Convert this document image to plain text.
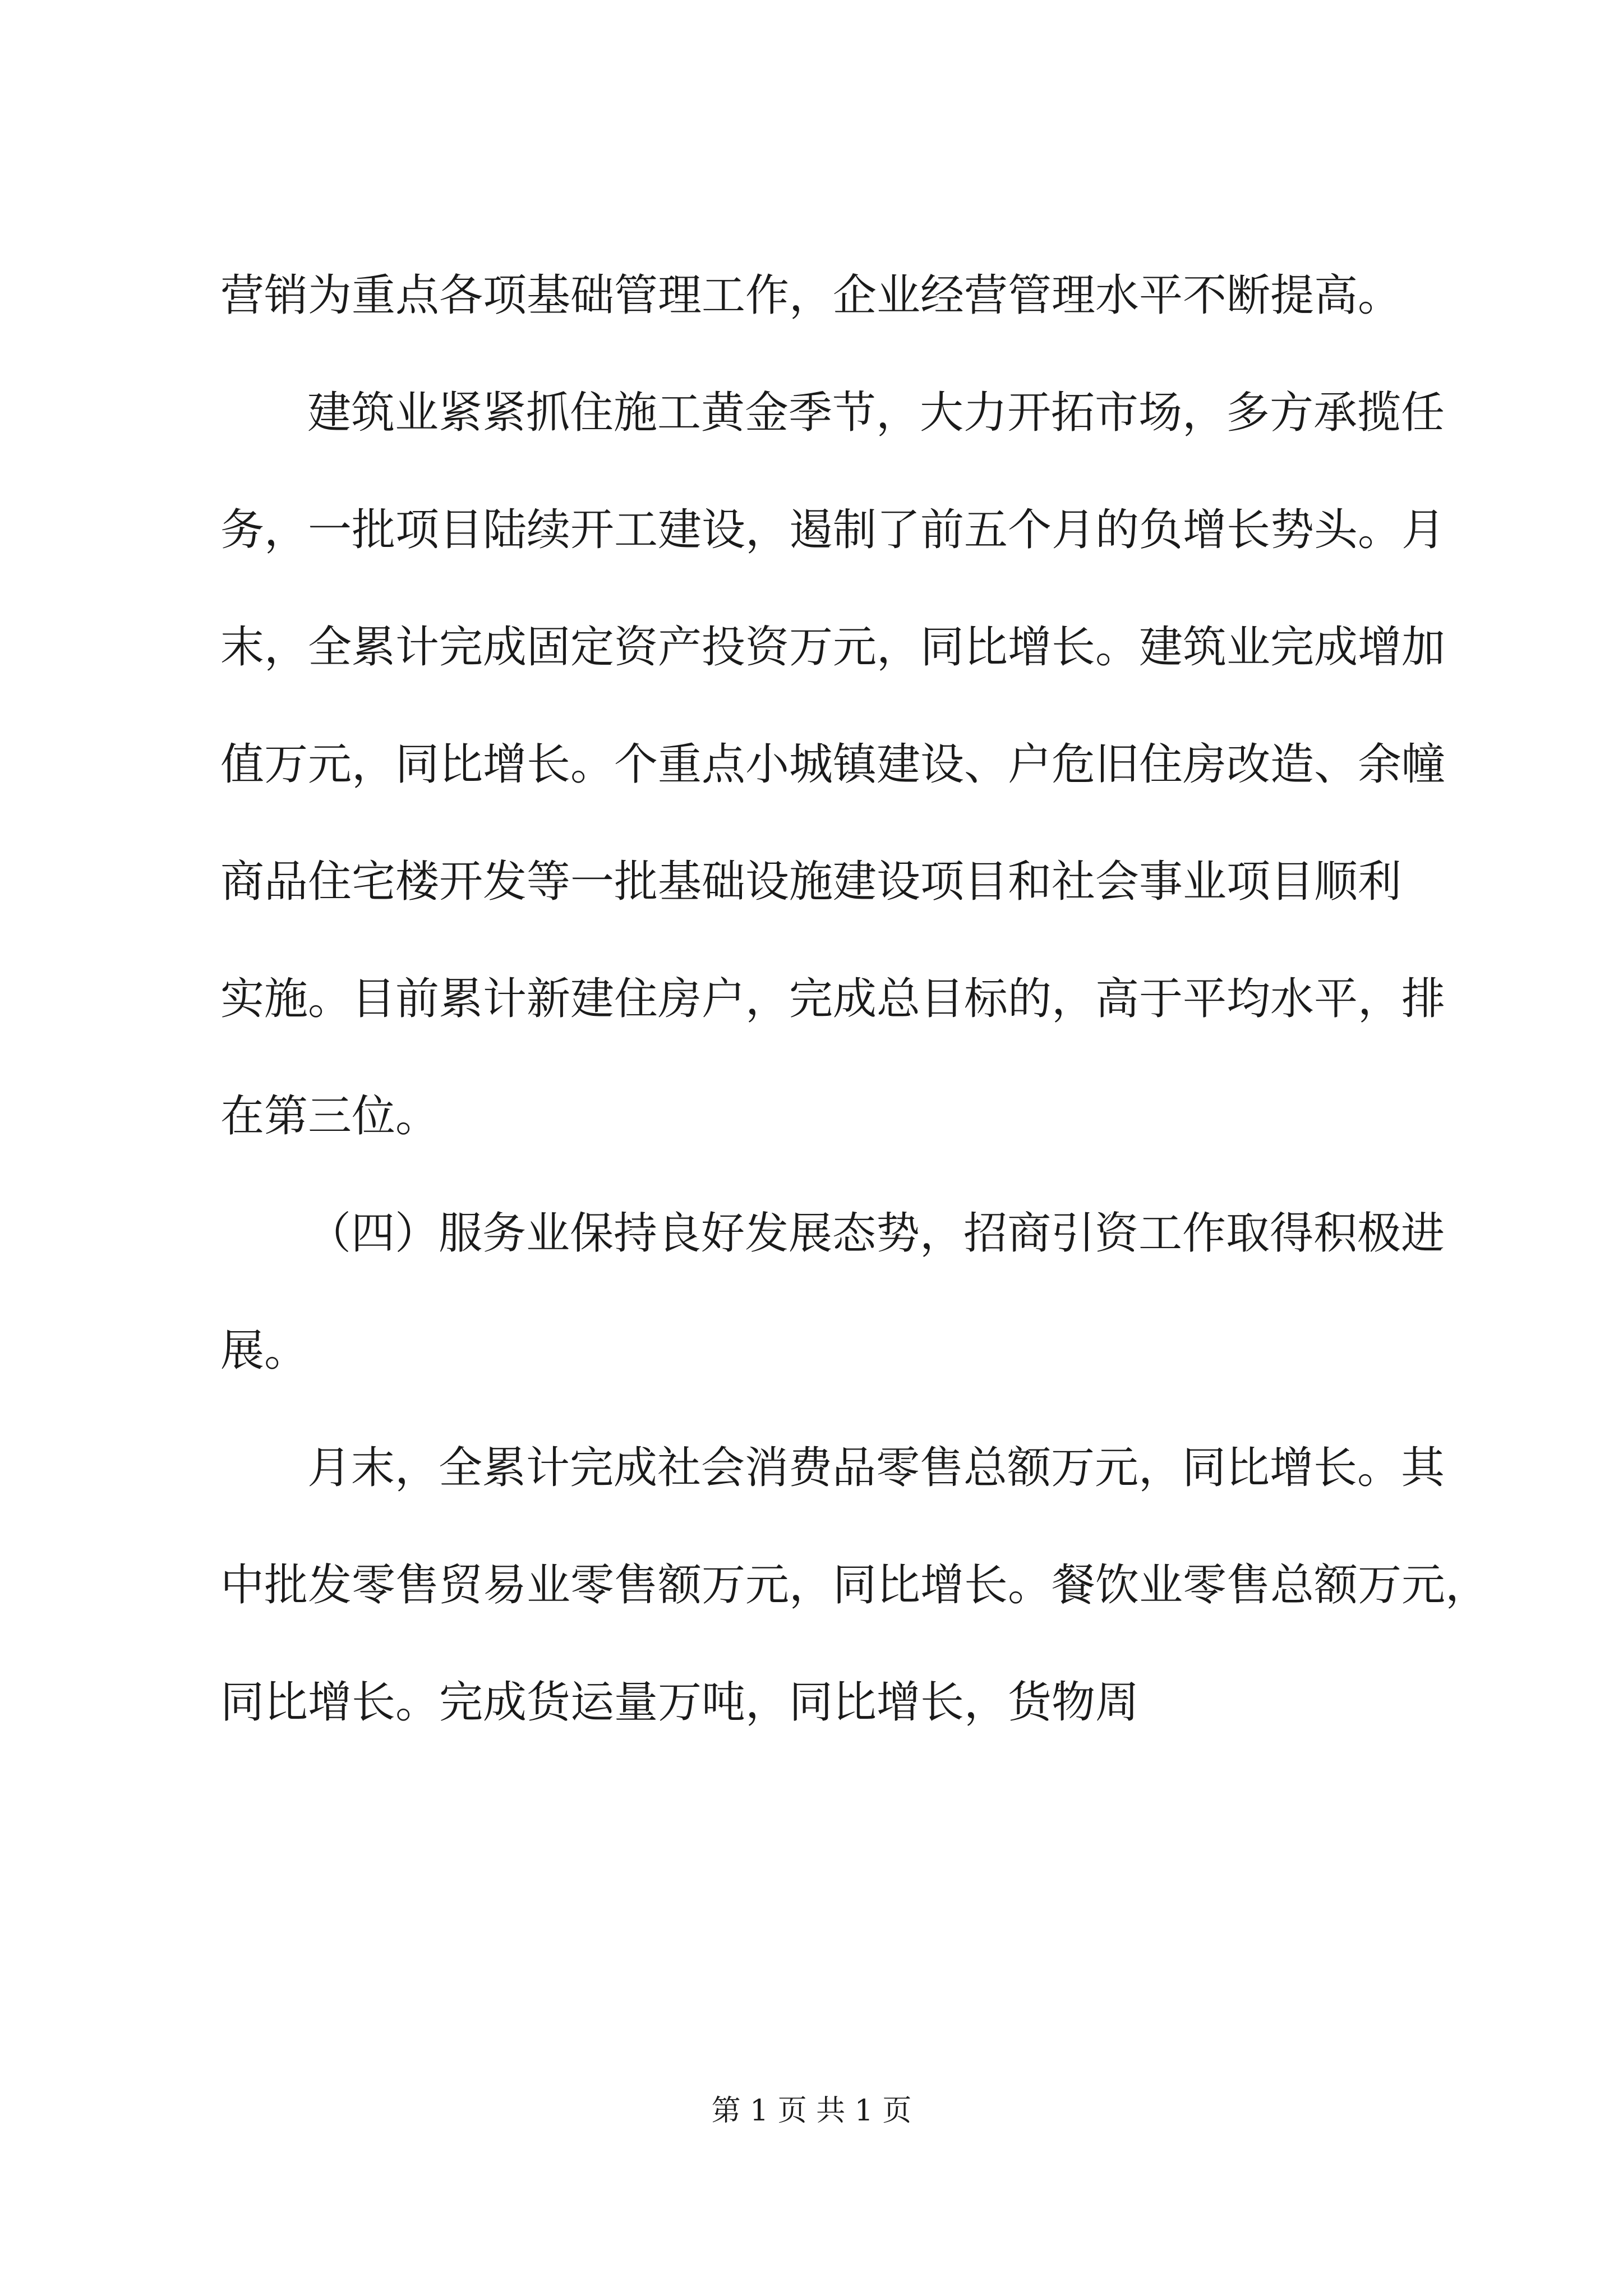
营销为重点各项基础管理工作，企业经营管理水平不断提高。
建筑业紧紧抓住施工黄金季节，大力开拓市场，多方承揽任
务，一批项目陆续开工建设，遏制了前五个月的负增长势头。月
末，全累计完成固定资产投资万元，同比增长。建筑业完成增加
值万元，同比增长。个重点小城镇建设、户危旧住房改造、余幢
商品住宅楼开发等一批基础设施建设项目和社会事业项目顺利
实施。目前累计新建住房户，完成总目标的，高于平均水平，排
在第三位。
（四）服务业保持良好发展态势，招商引资工作取得积极进
展。
月末，全累计完成社会消费品零售总额万元，同比增长。其
中批发零售贸易业零售额万元，同比增长。餐饮业零售总额万元，
同比增长。完成货运量万吨，同比增长，货物周
第 1 页 共 1 页
